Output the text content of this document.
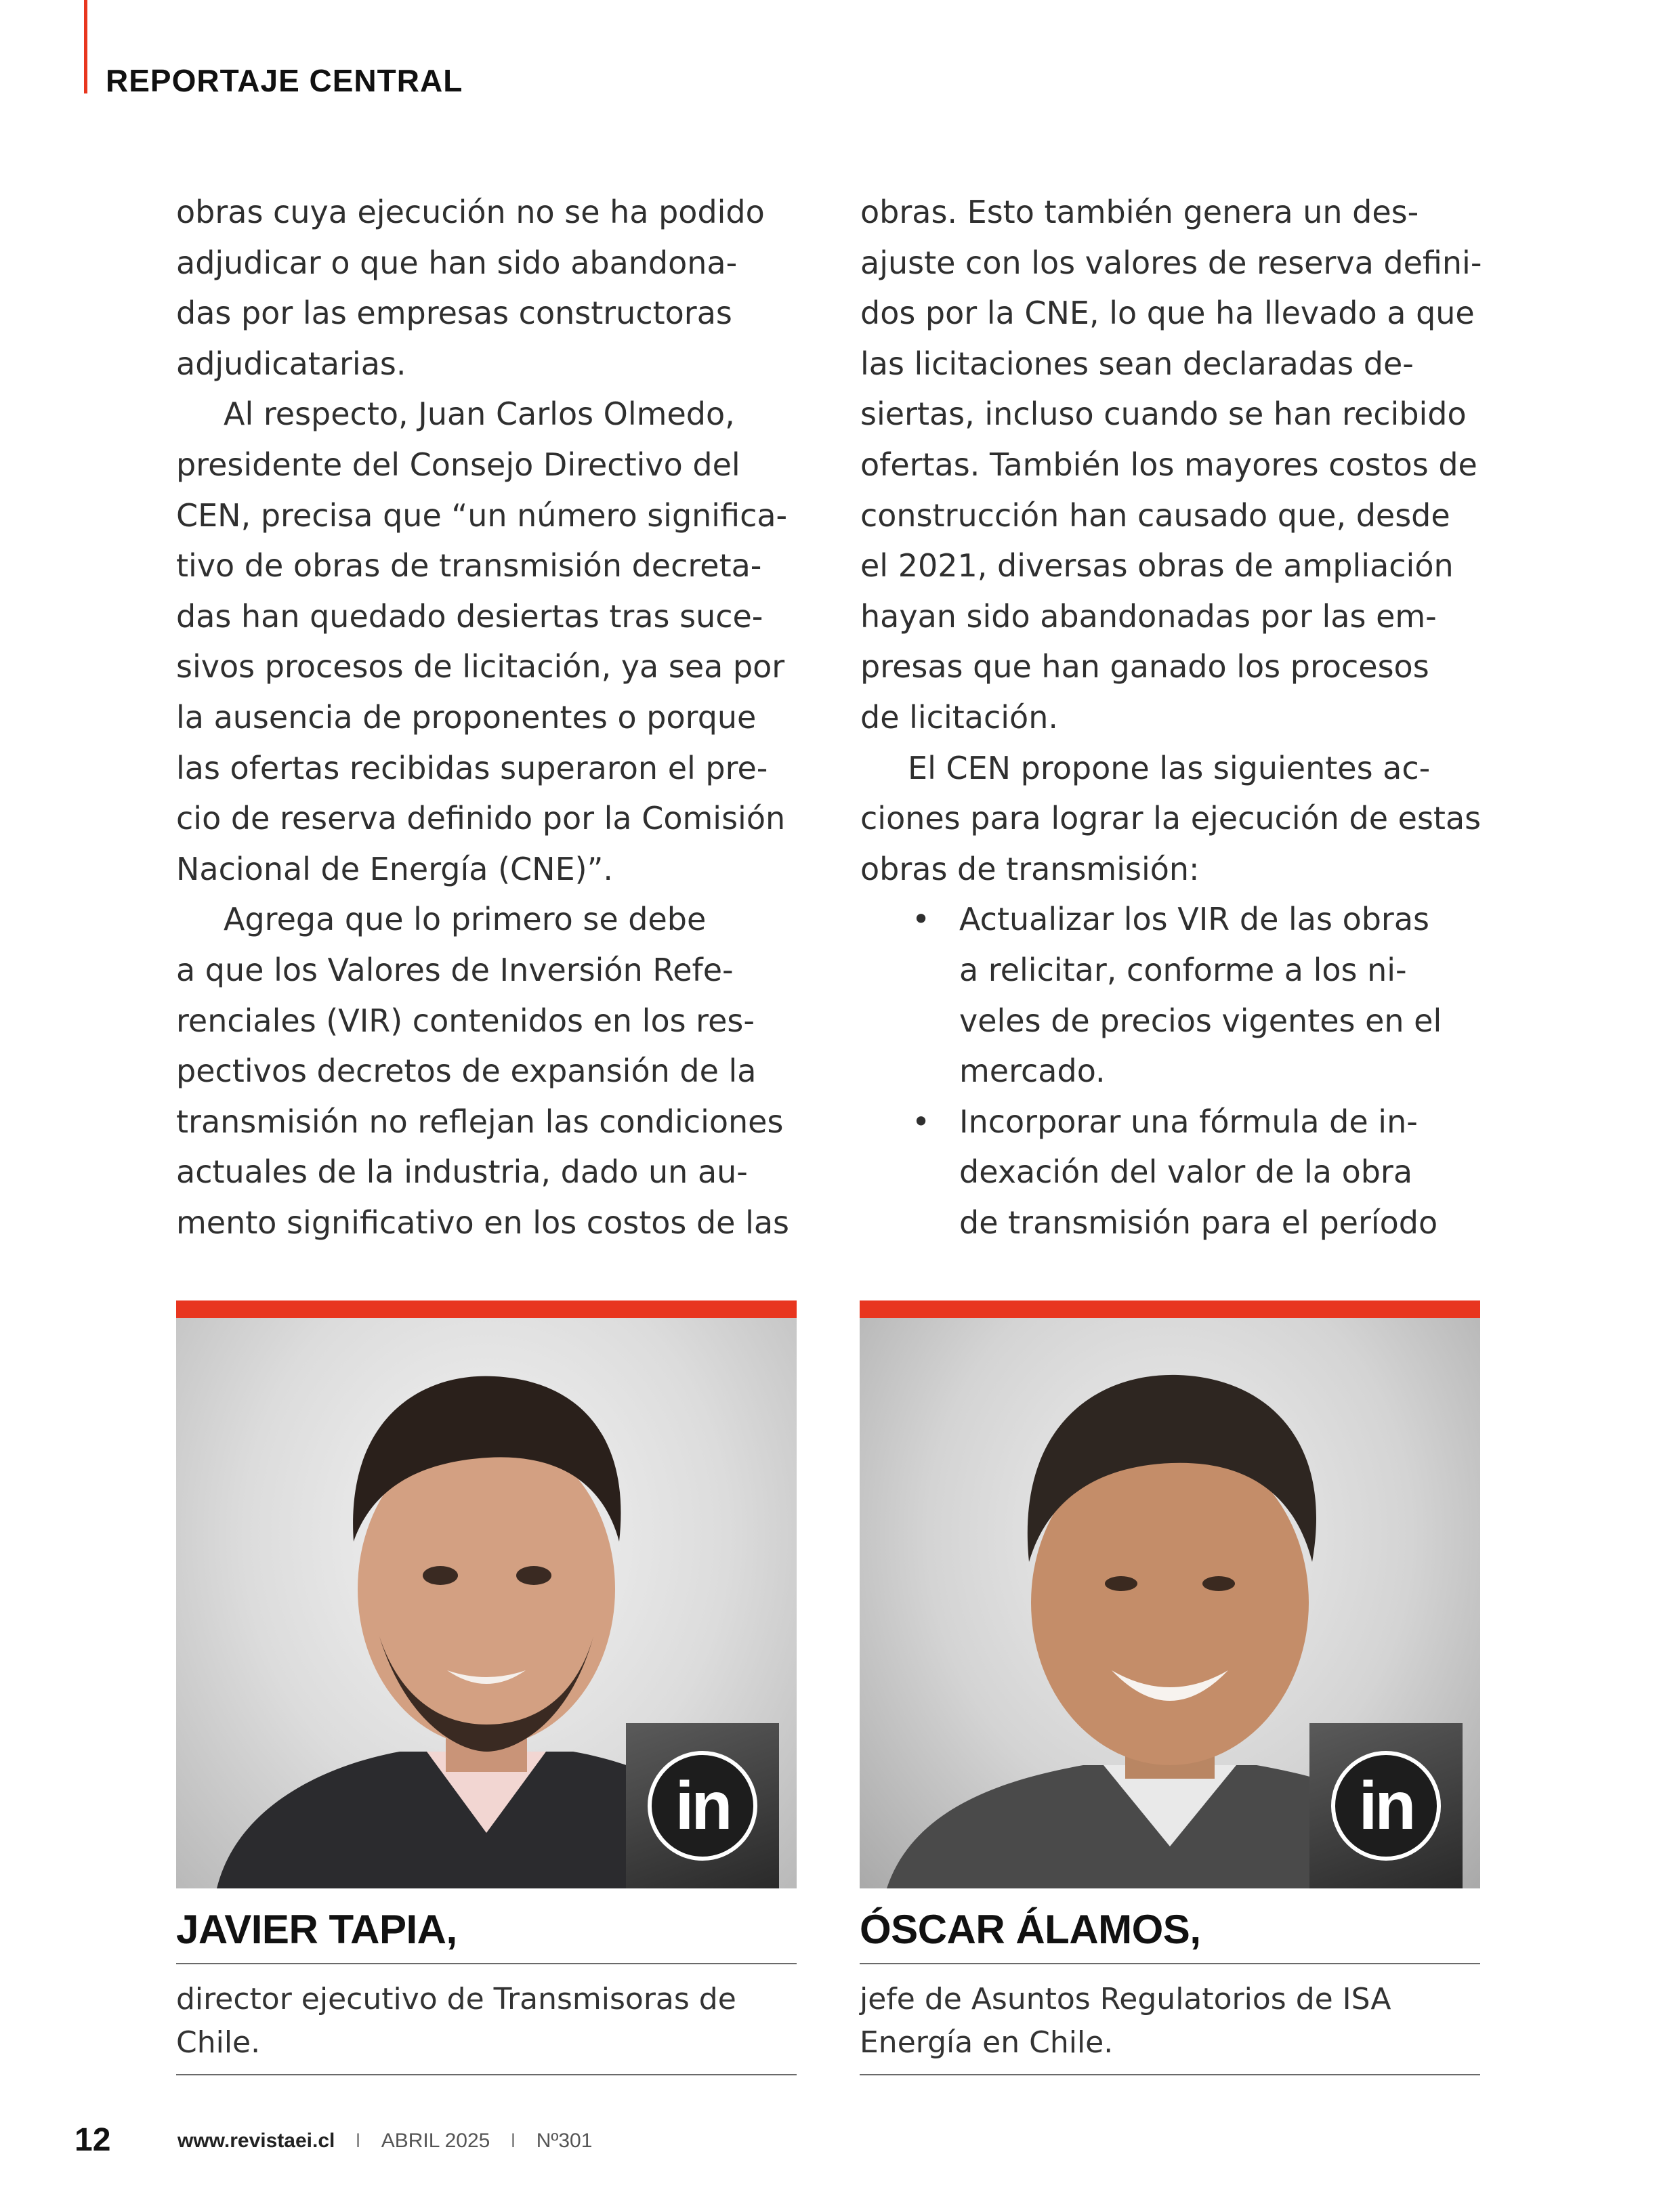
REPORTAJE CENTRAL
obras cuya ejecución no se ha podido
adjudicar o que han sido abandona-
das por las empresas constructoras
adjudicatarias.
Al respecto, Juan Carlos Olmedo,
presidente del Consejo Directivo del
CEN, precisa que “un número significa-
tivo de obras de transmisión decreta-
das han quedado desiertas tras suce-
sivos procesos de licitación, ya sea por
la ausencia de proponentes o porque
las ofertas recibidas superaron el pre-
cio de reserva definido por la Comisión
Nacional de Energía (CNE)”.
Agrega que lo primero se debe
a que los Valores de Inversión Refe-
renciales (VIR) contenidos en los res-
pectivos decretos de expansión de la
transmisión no reflejan las condiciones
actuales de la industria, dado un au-
mento significativo en los costos de las
obras. Esto también genera un des-
ajuste con los valores de reserva defini-
dos por la CNE, lo que ha llevado a que
las licitaciones sean declaradas de-
siertas, incluso cuando se han recibido
ofertas. También los mayores costos de
construcción han causado que, desde
el 2021, diversas obras de ampliación
hayan sido abandonadas por las em-
presas que han ganado los procesos
de licitación.
El CEN propone las siguientes ac-
ciones para lograr la ejecución de estas
obras de transmisión:
• Actualizar los VIR de las obras
a relicitar, conforme a los ni-
veles de precios vigentes en el
mercado.
• Incorporar una fórmula de in-
dexación del valor de la obra
de transmisión para el período
in
JAVIER TAPIA,
director ejecutivo de Transmisoras de Chile.
in
ÓSCAR ÁLAMOS,
jefe de Asuntos Regulatorios de ISA Energía en Chile.
12	www.revistaei.cl I ABRIL 2025 I Nº301
